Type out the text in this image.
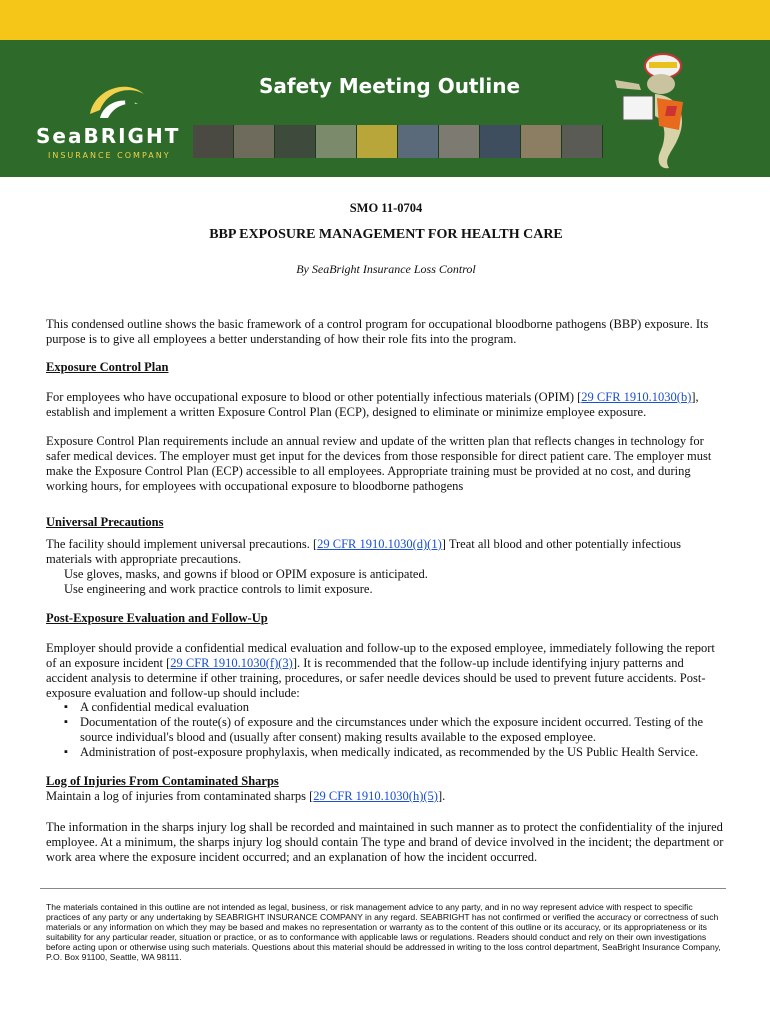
SeaBRIGHT
INSURANCE COMPANY
Safety Meeting Outline
SMO 11-0704
BBP EXPOSURE MANAGEMENT FOR HEALTH CARE
By SeaBright Insurance Loss Control
This condensed outline shows the basic framework of a control program for occupational bloodborne pathogens (BBP) exposure. Its purpose is to give all employees a better understanding of how their role fits into the program.
Exposure Control Plan
For employees who have occupational exposure to blood or other potentially infectious materials (OPIM) [29 CFR 1910.1030(b)], establish and implement a written Exposure Control Plan (ECP), designed to eliminate or minimize employee exposure.
Exposure Control Plan requirements include an annual review and update of the written plan that reflects changes in technology for safer medical devices. The employer must get input for the devices from those responsible for direct patient care. The employer must make the Exposure Control Plan (ECP) accessible to all employees. Appropriate training must be provided at no cost, and during working hours, for employees with occupational exposure to bloodborne pathogens
Universal Precautions
The facility should implement universal precautions. [29 CFR 1910.1030(d)(1)] Treat all blood and other potentially infectious materials with appropriate precautions.
Use gloves, masks, and gowns if blood or OPIM exposure is anticipated.
Use engineering and work practice controls to limit exposure.
Post-Exposure Evaluation and Follow-Up
Employer should provide a confidential medical evaluation and follow-up to the exposed employee, immediately following the report of an exposure incident [29 CFR 1910.1030(f)(3)]. It is recommended that the follow-up include identifying injury patterns and accident analysis to determine if other training, procedures, or safer needle devices should be used to prevent future accidents. Post-exposure evaluation and follow-up should include:
▪ A confidential medical evaluation
▪ Documentation of the route(s) of exposure and the circumstances under which the exposure incident occurred. Testing of the source individual's blood and (usually after consent) making results available to the exposed employee.
▪ Administration of post-exposure prophylaxis, when medically indicated, as recommended by the US Public Health Service.
Log of Injuries From Contaminated Sharps
Maintain a log of injuries from contaminated sharps [29 CFR 1910.1030(h)(5)].
The information in the sharps injury log shall be recorded and maintained in such manner as to protect the confidentiality of the injured employee. At a minimum, the sharps injury log should contain The type and brand of device involved in the incident; the department or work area where the exposure incident occurred; and an explanation of how the incident occurred.
The materials contained in this outline are not intended as legal, business, or risk management advice to any party, and in no way represent advice with respect to specific practices of any party or any undertaking by SEABRIGHT INSURANCE COMPANY in any regard. SEABRIGHT has not confirmed or verified the accuracy or correctness of such materials or any information on which they may be based and makes no representation or warranty as to the content of this outline or its accuracy, or its appropriateness or its suitability for any particular reader, situation or practice, or as to conformance with applicable laws or regulations. Readers should conduct and rely on their own investigations before acting upon or otherwise using such materials. Questions about this material should be addressed in writing to the loss control department, SeaBright Insurance Company, P.O. Box 91100, Seattle, WA 98111.
